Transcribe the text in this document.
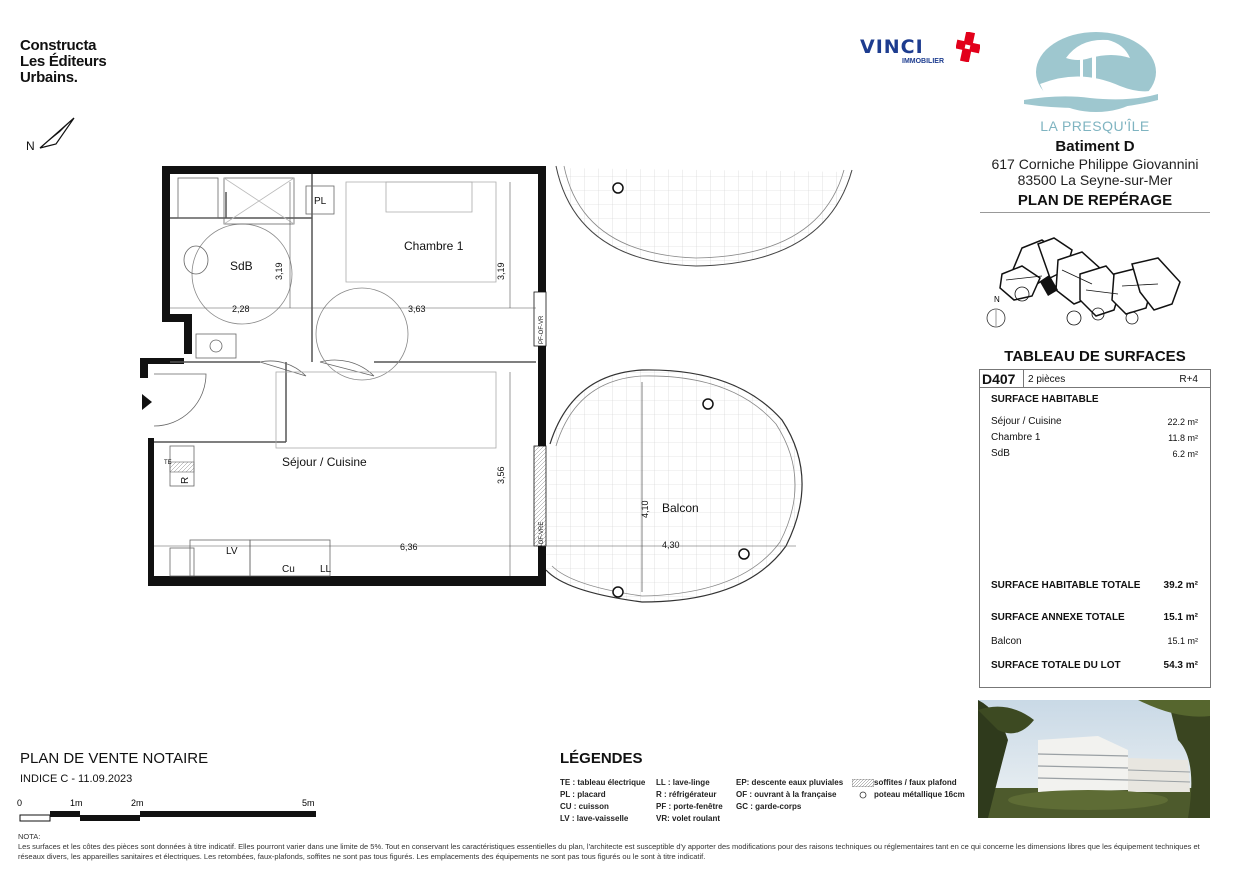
Constructa
Les Éditeurs
Urbains.
N
VINCI
IMMOBILIER
LA PRESQU'ÎLE
Batiment D
617 Corniche Philippe Giovannini
83500 La Seyne-sur-Mer
PLAN DE REPÉRAGE
N
TABLEAU DE SURFACES
D407 2 pièces	R+4
SURFACE HABITABLE
Séjour / Cuisine	22.2 m²
Chambre 1	11.8 m²
SdB	6.2 m²
SURFACE HABITABLE TOTALE	39.2 m²
SURFACE ANNEXE TOTALE	15.1 m²
Balcon	15.1 m²
SURFACE TOTALE DU LOT	54.3 m²
SdB
Chambre 1
Séjour / Cuisine
Balcon
PL
R
LV
Cu	LL
TE
PF-OF-VR
PF-OF-VRE
2,28	3,63
3,19	3,19
3,56
6,36
4,10
4,30
PLAN DE VENTE NOTAIRE
INDICE C - 11.09.2023
0	1m	2m	5m
LÉGENDES
TE : tableau électrique
PL : placard
CU : cuisson
LV : lave-vaisselle
LL : lave-linge
R : réfrigérateur
PF : porte-fenêtre
VR: volet roulant
EP: descente eaux pluviales
OF : ouvrant à la française
GC : garde-corps
soffites / faux plafond
poteau métallique 16cm
NOTA:
Les surfaces et les côtes des pièces sont données à titre indicatif. Elles pourront varier dans une limite de 5%. Tout en conservant les caractéristiques essentielles du plan, l'architecte est susceptible d'y apporter des modifications pour des raisons techniques ou réglementaires tant en ce qui concerne les dimensions libres que les équipement techniques et réseaux divers, les appareilles sanitaires et électriques. Les retombées, faux-plafonds, soffites ne sont pas tous figurés. Les emplacements des équipements ne sont pas tous figurés ou le sont à titre indicatif.
